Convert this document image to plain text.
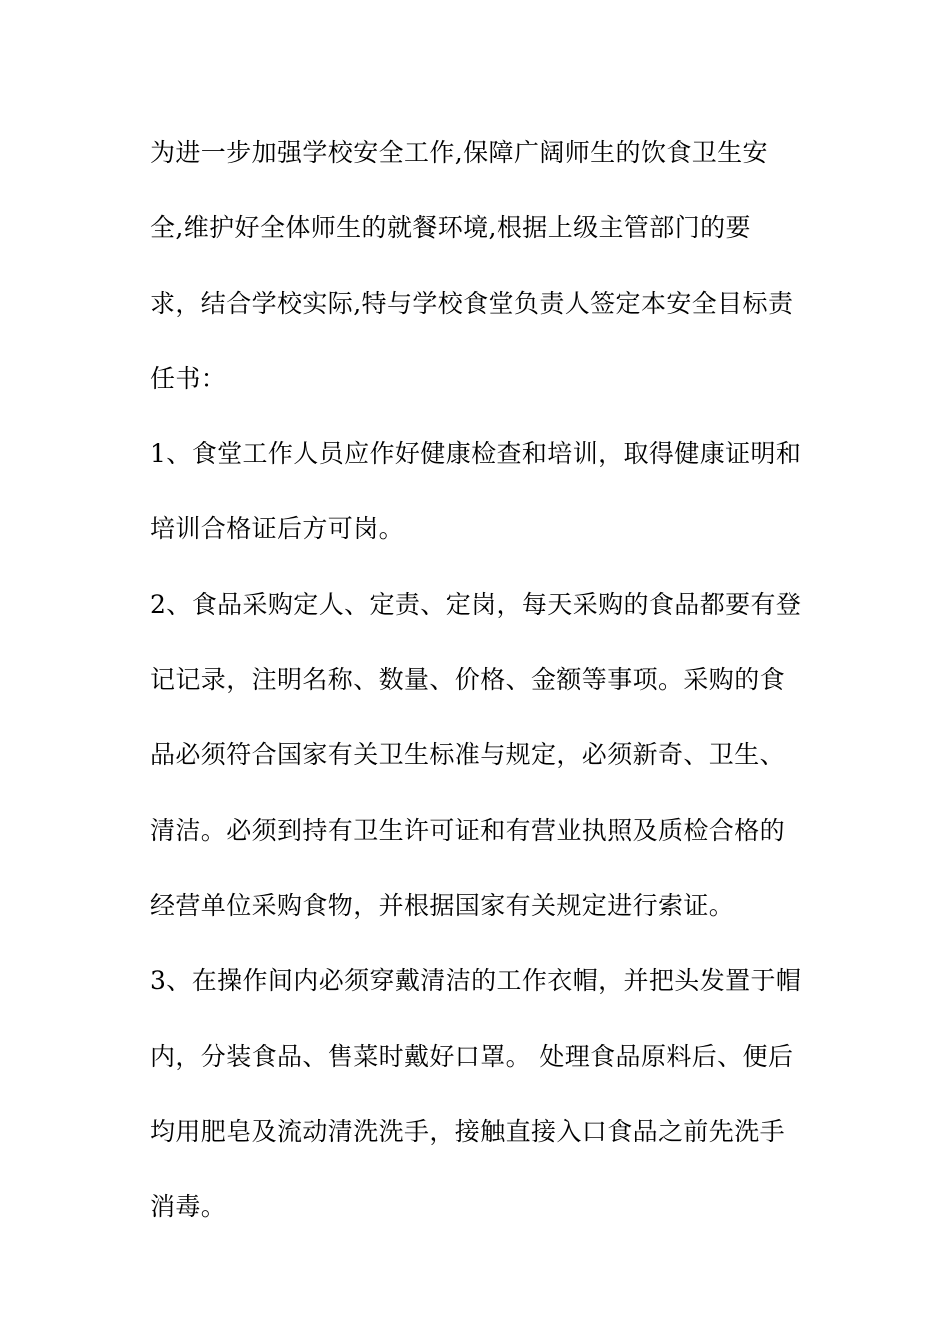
为进一步加强学校安全工作,保障广阔师生的饮食卫生安
全,维护好全体师生的就餐环境,根据上级主管部门的要
求，结合学校实际,特与学校食堂负责人签定本安全目标责
任书：
1、食堂工作人员应作好健康检查和培训，取得健康证明和
培训合格证后方可岗。
2、食品采购定人、定责、定岗，每天采购的食品都要有登
记记录，注明名称、数量、价格、金额等事项。采购的食
品必须符合国家有关卫生标准与规定，必须新奇、卫生、
清洁。必须到持有卫生许可证和有营业执照及质检合格的
经营单位采购食物，并根据国家有关规定进行索证。
3、在操作间内必须穿戴清洁的工作衣帽，并把头发置于帽
内，分装食品、售菜时戴好口罩。 处理食品原料后、便后
均用肥皂及流动清洗洗手，接触直接入口食品之前先洗手
消毒。
